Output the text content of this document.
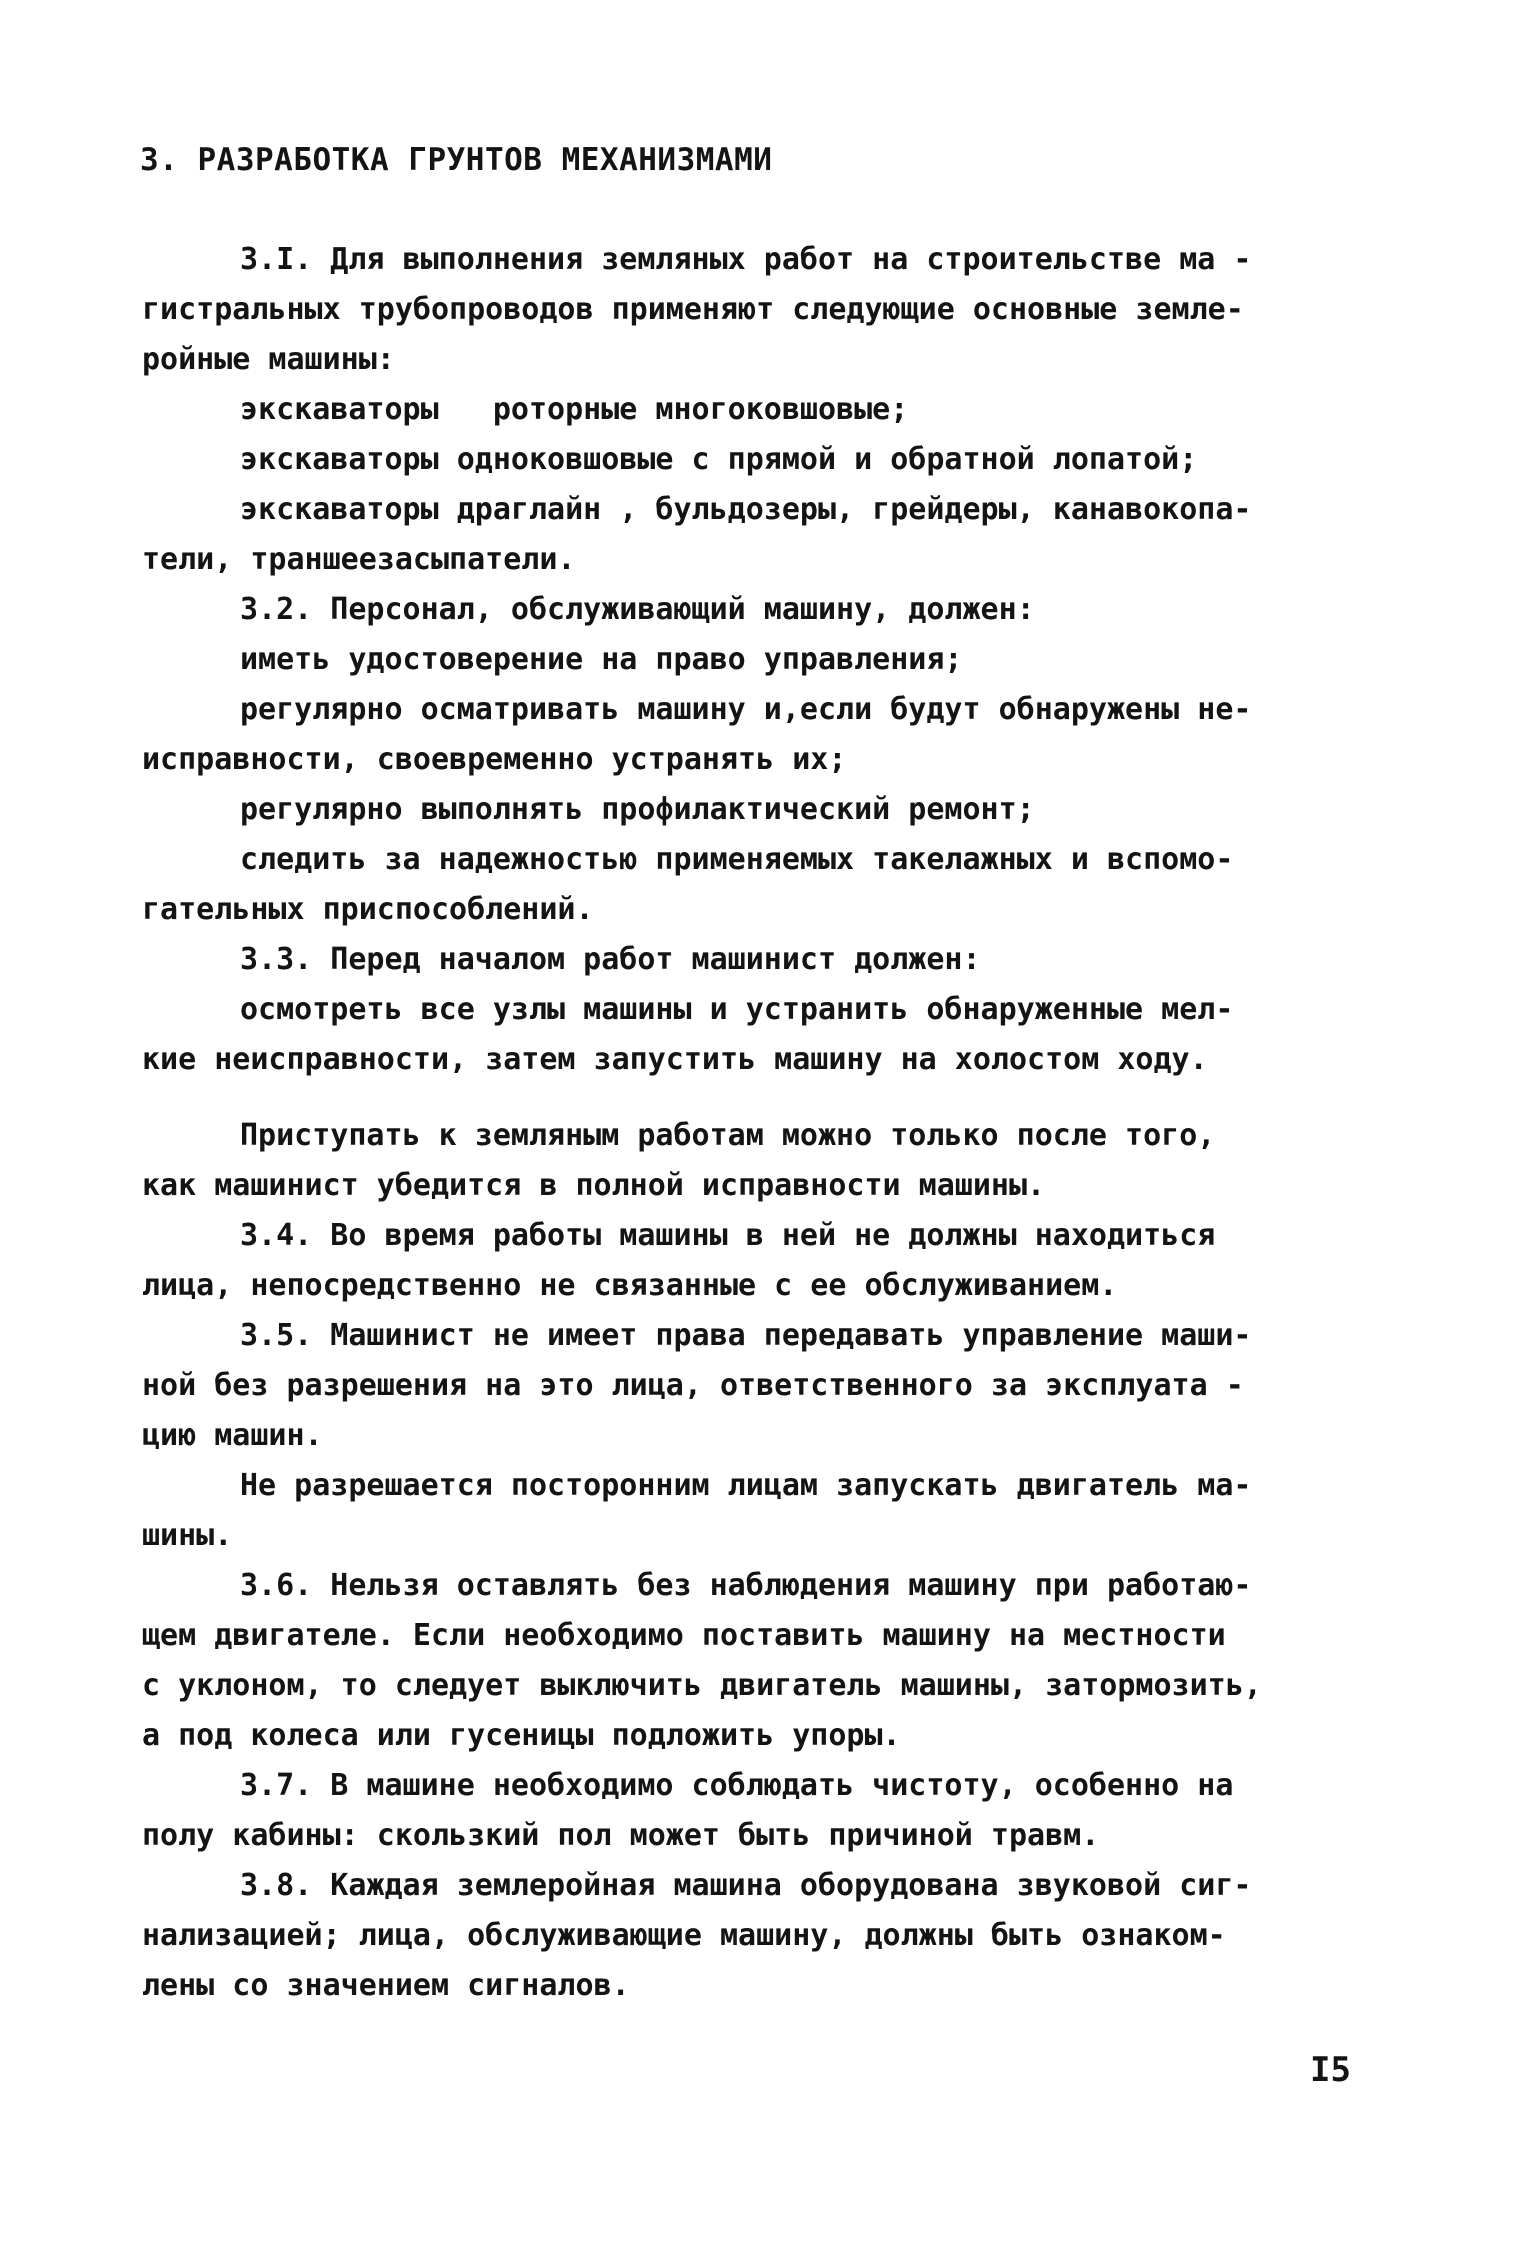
3. РАЗРАБОТКА ГРУНТОВ МЕХАНИЗМАМИ

3.I. Для выполнения земляных работ на строительстве ма -

гистральных трубопроводов применяют следующие основные земле-

ройные машины:

экскаваторы   роторные многоковшовые;

экскаваторы одноковшовые с прямой и обратной лопатой;

экскаваторы драглайн , бульдозеры, грейдеры, канавокопа-

тели, траншеезасыпатели.

3.2. Персонал, обслуживающий машину, должен:

иметь удостоверение на право управления;

регулярно осматривать машину и,если будут обнаружены не-

исправности, своевременно устранять их;

регулярно выполнять профилактический ремонт;

следить за надежностью применяемых такелажных и вспомо-

гательных приспособлений.

3.3. Перед началом работ машинист должен:

осмотреть все узлы машины и устранить обнаруженные мел-

кие неисправности, затем запустить машину на холостом ходу.

Приступать к земляным работам можно только после того,

как машинист убедится в полной исправности машины.

3.4. Во время работы машины в ней не должны находиться

лица, непосредственно не связанные с ее обслуживанием.

3.5. Машинист не имеет права передавать управление маши-

ной без разрешения на это лица, ответственного за эксплуата -

цию машин.

Не разрешается посторонним лицам запускать двигатель ма-

шины.

3.6. Нельзя оставлять без наблюдения машину при работаю-

щем двигателе. Если необходимо поставить машину на местности

с уклоном, то следует выключить двигатель машины, затормозить,

а под колеса или гусеницы подложить упоры.

3.7. В машине необходимо соблюдать чистоту, особенно на

полу кабины: скользкий пол может быть причиной травм.

3.8. Каждая землеройная машина оборудована звуковой сиг-

нализацией; лица, обслуживающие машину, должны быть ознаком-

лены со значением сигналов.

I5
